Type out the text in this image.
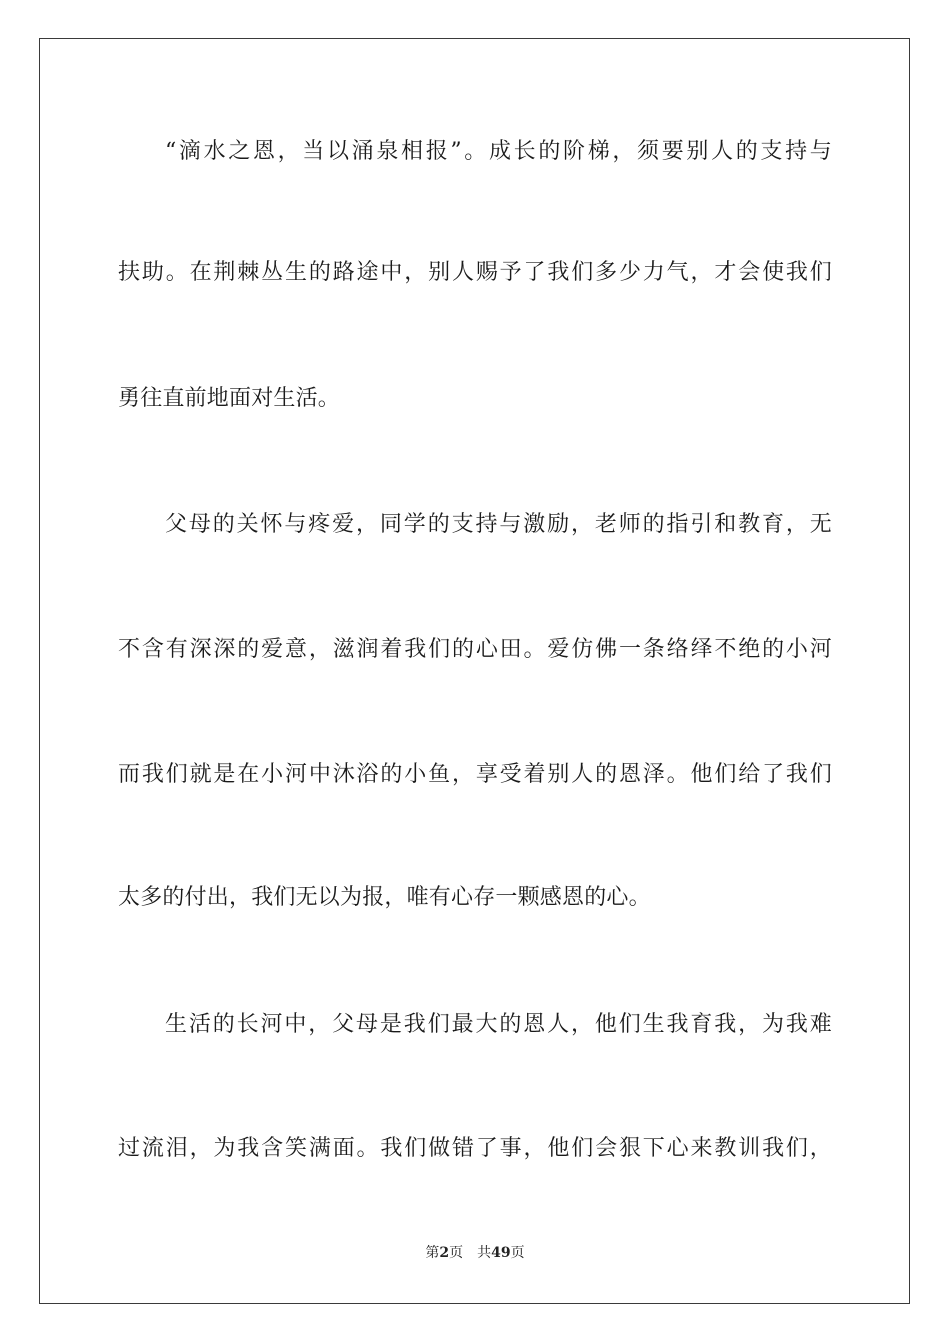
“滴水之恩，当以涌泉相报”。成长的阶梯，须要别人的支持与
扶助。在荆棘丛生的路途中，别人赐予了我们多少力气，才会使我们
勇往直前地面对生活。
父母的关怀与疼爱，同学的支持与激励，老师的指引和教育，无
不含有深深的爱意，滋润着我们的心田。爱仿佛一条络绎不绝的小河
而我们就是在小河中沐浴的小鱼，享受着别人的恩泽。他们给了我们
太多的付出，我们无以为报，唯有心存一颗感恩的心。
生活的长河中，父母是我们最大的恩人，他们生我育我，为我难
过流泪，为我含笑满面。我们做错了事，他们会狠下心来教训我们，
第2页 共49页
